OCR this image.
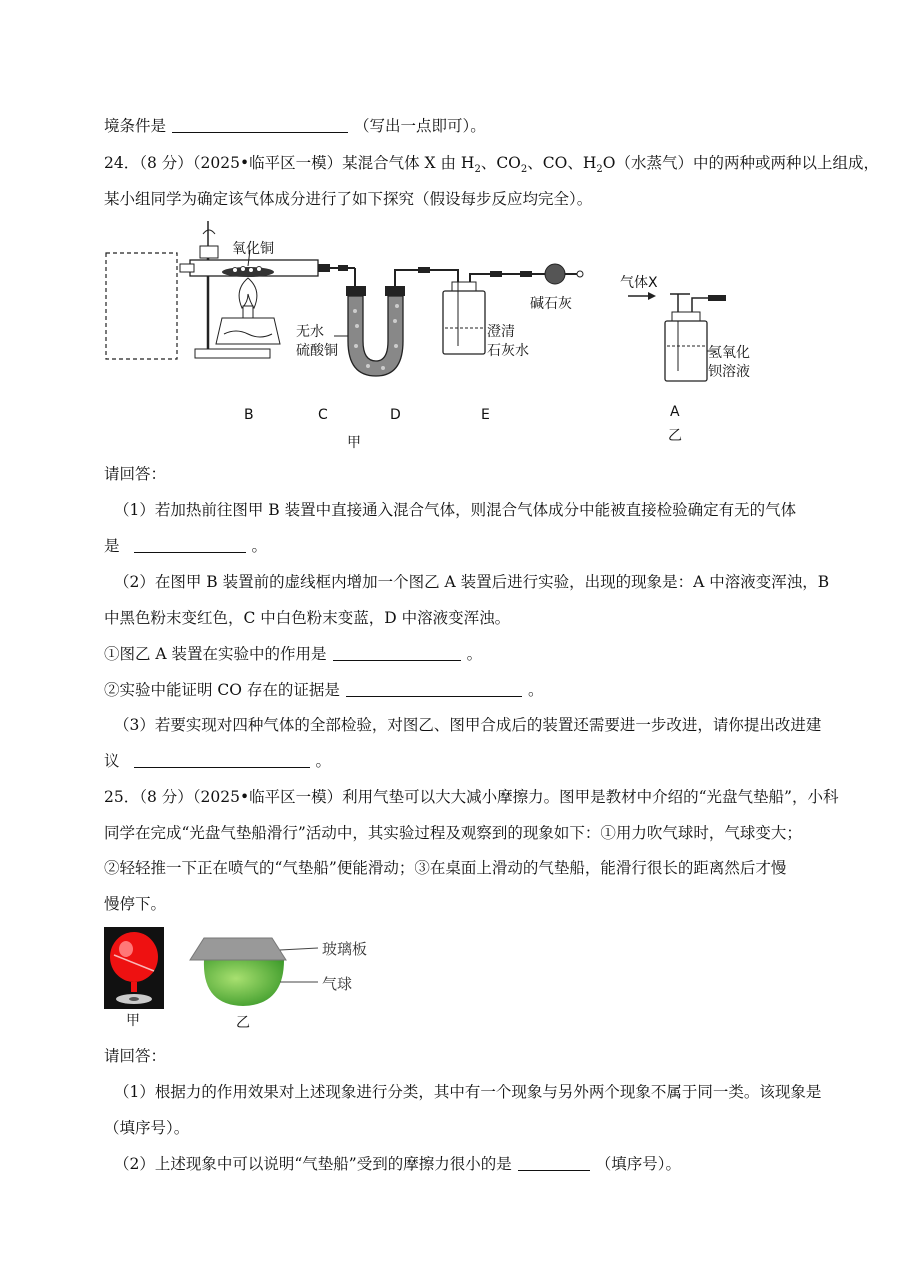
境条件是	（写出一点即可）。
24．（8 分）（2025•临平区一模）某混合气体 X 由 $H_2$、$CO_2$、CO、$H_2O$（水蒸气）中的两种或两种以上组成，
某小组同学为确定该气体成分进行了如下探究（假设每步反应均完全）。
氧化铜
无水
硫酸铜
碱石灰
澄清
石灰水
气体X
氢氧化
钡溶液
B	C	D	E
甲
A
乙
请回答：
（1）若加热前往图甲 B 装置中直接通入混合气体，则混合气体成分中能被直接检验确定有无的气体
是	。
（2）在图甲 B 装置前的虚线框内增加一个图乙 A 装置后进行实验，出现的现象是：A 中溶液变浑浊，B
中黑色粉末变红色，C 中白色粉末变蓝，D 中溶液变浑浊。
①图乙 A 装置在实验中的作用是	。
②实验中能证明 CO 存在的证据是	。
（3）若要实现对四种气体的全部检验，对图乙、图甲合成后的装置还需要进一步改进，请你提出改进建
议	。
25．（8 分）（2025•临平区一模）利用气垫可以大大减小摩擦力。图甲是教材中介绍的“光盘气垫船”，小科
同学在完成“光盘气垫船滑行”活动中，其实验过程及观察到的现象如下：①用力吹气球时，气球变大；
②轻轻推一下正在喷气的“气垫船”便能滑动；③在桌面上滑动的气垫船，能滑行很长的距离然后才慢
慢停下。
玻璃板
气球
甲	乙
请回答：
（1）根据力的作用效果对上述现象进行分类，其中有一个现象与另外两个现象不属于同一类。该现象是
（填序号）。
（2）上述现象中可以说明“气垫船”受到的摩擦力很小的是	（填序号）。
